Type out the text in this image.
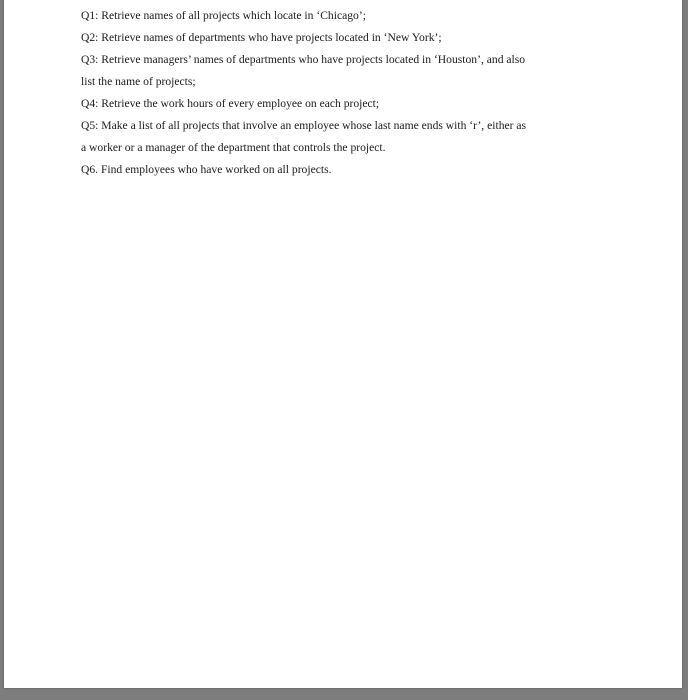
Q1: Retrieve names of all projects which locate in ‘Chicago’;
Q2: Retrieve names of departments who have projects located in ‘New York’;
Q3: Retrieve managers’ names of departments who have projects located in ‘Houston’, and also
list the name of projects;
Q4: Retrieve the work hours of every employee on each project;
Q5: Make a list of all projects that involve an employee whose last name ends with ‘r’, either as
a worker or a manager of the department that controls the project.
Q6. Find employees who have worked on all projects.
